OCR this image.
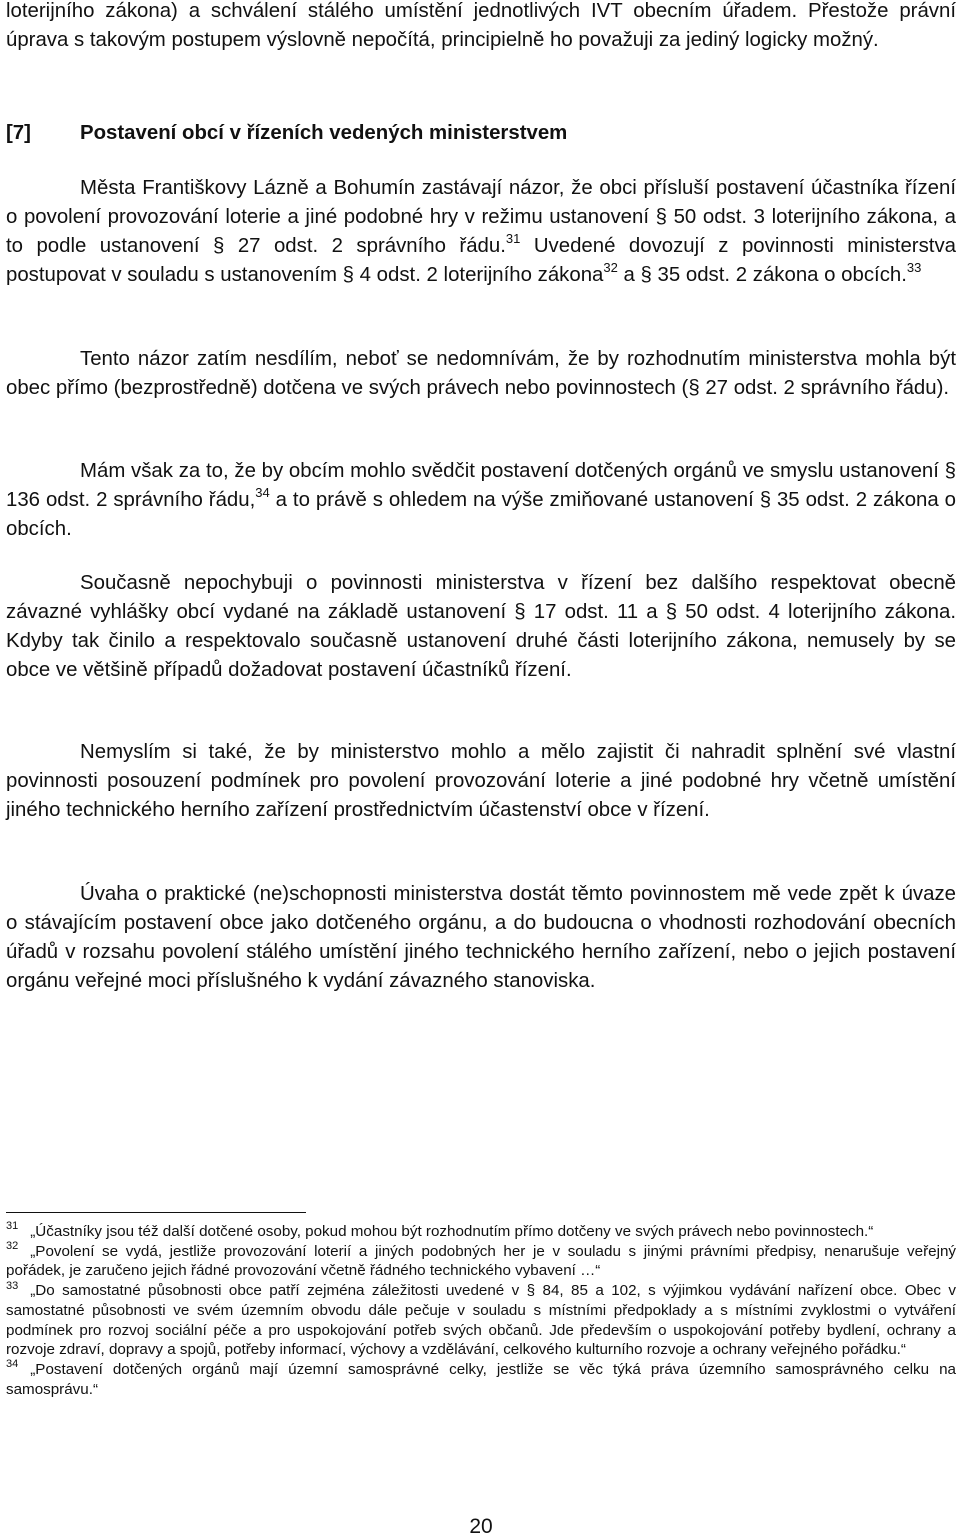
loterijního zákona) a schválení stálého umístění jednotlivých IVT obecním úřadem. Přestože právní úprava s takovým postupem výslovně nepočítá, principielně ho považuji za jediný logicky možný.

[7] Postavení obcí v řízeních vedených ministerstvem

Města Františkovy Lázně a Bohumín zastávají názor, že obci přísluší postavení účastníka řízení o povolení provozování loterie a jiné podobné hry v režimu ustanovení § 50 odst. 3 loterijního zákona, a to podle ustanovení § 27 odst. 2 správního řádu.$^{31}$ Uvedené dovozují z povinnosti ministerstva postupovat v souladu s ustanovením § 4 odst. 2 loterijního zákona$^{32}$ a § 35 odst. 2 zákona o obcích.$^{33}$

Tento názor zatím nesdílím, neboť se nedomnívám, že by rozhodnutím ministerstva mohla být obec přímo (bezprostředně) dotčena ve svých právech nebo povinnostech (§ 27 odst. 2 správního řádu).

Mám však za to, že by obcím mohlo svědčit postavení dotčených orgánů ve smyslu ustanovení § 136 odst. 2 správního řádu,$^{34}$ a to právě s ohledem na výše zmiňované ustanovení § 35 odst. 2 zákona o obcích.

Současně nepochybuji o povinnosti ministerstva v řízení bez dalšího respektovat obecně závazné vyhlášky obcí vydané na základě ustanovení § 17 odst. 11 a § 50 odst. 4 loterijního zákona. Kdyby tak činilo a respektovalo současně ustanovení druhé části loterijního zákona, nemusely by se obce ve většině případů dožadovat postavení účastníků řízení.

Nemyslím si také, že by ministerstvo mohlo a mělo zajistit či nahradit splnění své vlastní povinnosti posouzení podmínek pro povolení provozování loterie a jiné podobné hry včetně umístění jiného technického herního zařízení prostřednictvím účastenství obce v řízení.

Úvaha o praktické (ne)schopnosti ministerstva dostát těmto povinnostem mě vede zpět k úvaze o stávajícím postavení obce jako dotčeného orgánu, a do budoucna o vhodnosti rozhodování obecních úřadů v rozsahu povolení stálého umístění jiného technického herního zařízení, nebo o jejich postavení orgánu veřejné moci příslušného k vydání závazného stanoviska.

$^{31}$ „Účastníky jsou též další dotčené osoby, pokud mohou být rozhodnutím přímo dotčeny ve svých právech nebo povinnostech.“

$^{32}$ „Povolení se vydá, jestliže provozování loterií a jiných podobných her je v souladu s jinými právními předpisy, nenarušuje veřejný pořádek, je zaručeno jejich řádné provozování včetně řádného technického vybavení …“

$^{33}$ „Do samostatné působnosti obce patří zejména záležitosti uvedené v § 84, 85 a 102, s výjimkou vydávání nařízení obce. Obec v samostatné působnosti ve svém územním obvodu dále pečuje v souladu s místními předpoklady a s místními zvyklostmi o vytváření podmínek pro rozvoj sociální péče a pro uspokojování potřeb svých občanů. Jde především o uspokojování potřeby bydlení, ochrany a rozvoje zdraví, dopravy a spojů, potřeby informací, výchovy a vzdělávání, celkového kulturního rozvoje a ochrany veřejného pořádku.“

$^{34}$ „Postavení dotčených orgánů mají územní samosprávné celky, jestliže se věc týká práva územního samosprávného celku na samosprávu.“

20
